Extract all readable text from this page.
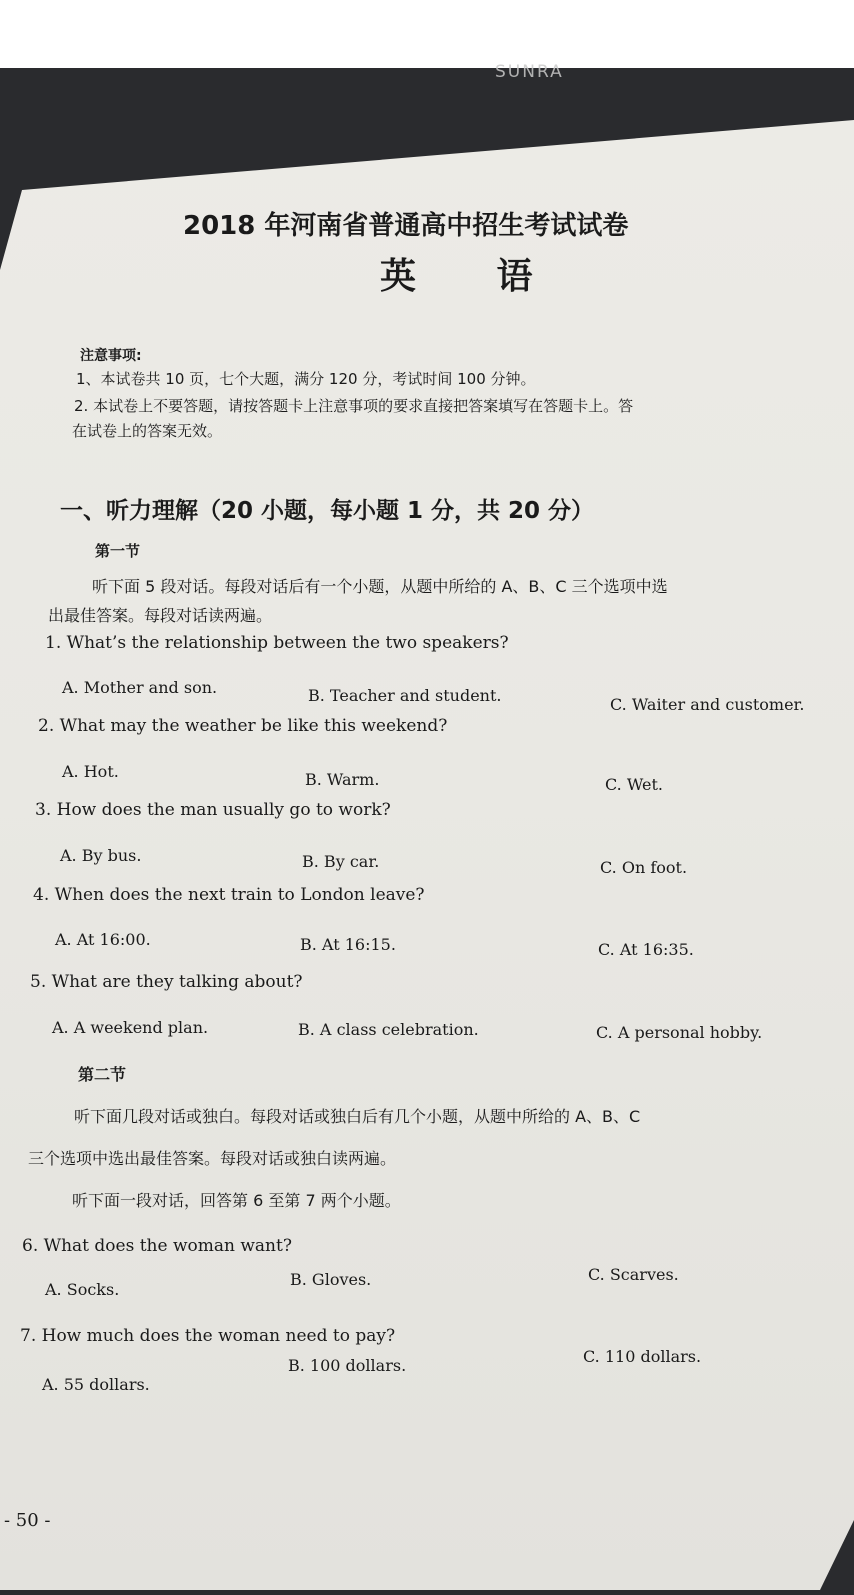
SUNRA
2018 年河南省普通高中招生考试试卷
英 语
注意事项:
1、本试卷共 10 页，七个大题，满分 120 分，考试时间 100 分钟。
2. 本试卷上不要答题，请按答题卡上注意事项的要求直接把答案填写在答题卡上。答
在试卷上的答案无效。
一、听力理解（20 小题，每小题 1 分，共 20 分）
第一节
听下面 5 段对话。每段对话后有一个小题，从题中所给的 A、B、C 三个选项中选
出最佳答案。每段对话读两遍。
1. What’s the relationship between the two speakers?
A. Mother and son.	B. Teacher and student.	C. Waiter and customer.
2. What may the weather be like this weekend?
A. Hot.	B. Warm.	C. Wet.
3. How does the man usually go to work?
A. By bus.	B. By car.	C. On foot.
4. When does the next train to London leave?
A. At 16:00.	B. At 16:15.	C. At 16:35.
5. What are they talking about?
A. A weekend plan.	B. A class celebration.	C. A personal hobby.
第二节
听下面几段对话或独白。每段对话或独白后有几个小题，从题中所给的 A、B、C
三个选项中选出最佳答案。每段对话或独白读两遍。
听下面一段对话，回答第 6 至第 7 两个小题。
6. What does the woman want?
A. Socks.
B. Gloves.	C. Scarves.
7. How much does the woman need to pay?
A. 55 dollars.
B. 100 dollars.	C. 110 dollars.
- 50 -
